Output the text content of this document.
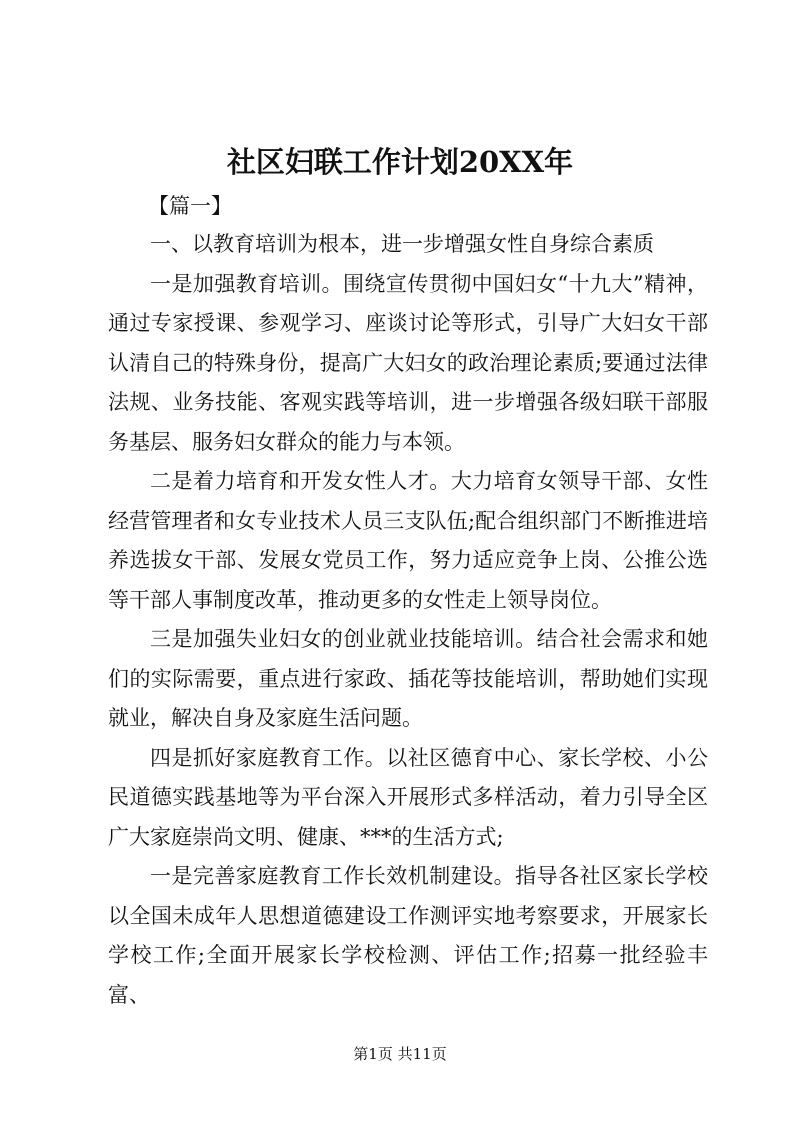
社区妇联工作计划20XX年
【篇一】

一、以教育培训为根本，进一步增强女性自身综合素质

一是加强教育培训。围绕宣传贯彻中国妇女“十九大”精神，通过专家授课、参观学习、座谈讨论等形式，引导广大妇女干部认清自己的特殊身份，提高广大妇女的政治理论素质;要通过法律法规、业务技能、客观实践等培训，进一步增强各级妇联干部服务基层、服务妇女群众的能力与本领。

二是着力培育和开发女性人才。大力培育女领导干部、女性经营管理者和女专业技术人员三支队伍;配合组织部门不断推进培养选拔女干部、发展女党员工作，努力适应竞争上岗、公推公选等干部人事制度改革，推动更多的女性走上领导岗位。

三是加强失业妇女的创业就业技能培训。结合社会需求和她们的实际需要，重点进行家政、插花等技能培训，帮助她们实现就业，解决自身及家庭生活问题。

四是抓好家庭教育工作。以社区德育中心、家长学校、小公民道德实践基地等为平台深入开展形式多样活动，着力引导全区广大家庭崇尚文明、健康、***的生活方式;

一是完善家庭教育工作长效机制建设。指导各社区家长学校以全国未成年人思想道德建设工作测评实地考察要求，开展家长学校工作;全面开展家长学校检测、评估工作;招募一批经验丰富、

第1页 共11页
